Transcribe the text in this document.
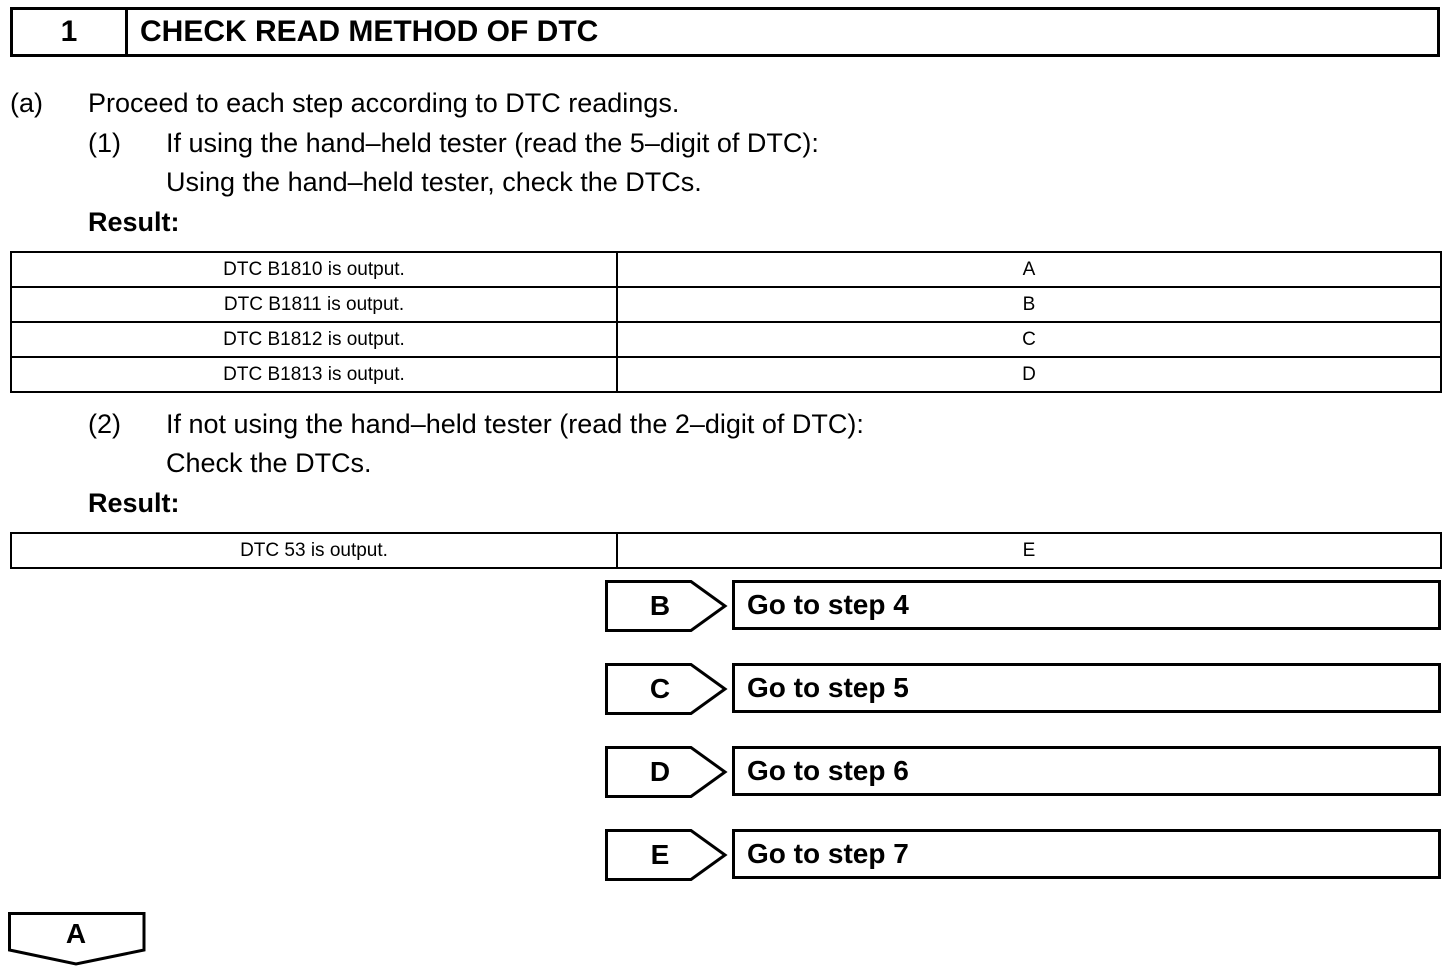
1	CHECK READ METHOD OF DTC
(a) Proceed to each step according to DTC readings.
(1) If using the hand–held tester (read the 5–digit of DTC):
Using the hand–held tester, check the DTCs.
Result:
DTC B1810 is output.	A
DTC B1811 is output.	B
DTC B1812 is output.	C
DTC B1813 is output.	D
(2) If not using the hand–held tester (read the 2–digit of DTC):
Check the DTCs.
Result:
DTC 53 is output.	E
B	Go to step 4
C	Go to step 5
D	Go to step 6
E	Go to step 7
A
